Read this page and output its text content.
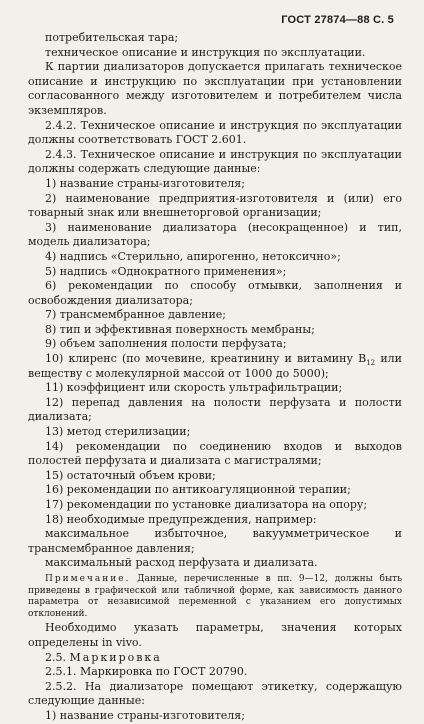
ГОСТ 27874—88 С. 5

потребительская тара;

техническое описание и инструкция по эксплуатации.

К партии диализаторов допускается прилагать техническое описание и инструкцию по эксплуатации при установлении согласованного между изготовителем и потребителем числа экземпляров.

2.4.2. Техническое описание и инструкция по эксплуатации должны соответствовать ГОСТ 2.601.

2.4.3. Техническое описание и инструкция по эксплуатации должны содержать следующие данные:

1) название страны-изготовителя;

2) наименование предприятия-изготовителя и (или) его товарный знак или внешнеторговой организации;

3) наименование диализатора (несокращенное) и тип, модель диализатора;

4) надпись «Стерильно, апирогенно, нетоксично»;

5) надпись «Однократного применения»;

6) рекомендации по способу отмывки, заполнения и освобождения диализатора;

7) трансмембранное давление;

8) тип и эффективная поверхность мембраны;

9) объем заполнения полости перфузата;

10) клиренс (по мочевине, креатинину и витамину $B_{12}$ или веществу с молекулярной массой от 1000 до 5000);

11) коэффициент или скорость ультрафильтрации;

12) перепад давления на полости перфузата и полости диализата;

13) метод стерилизации;

14) рекомендации по соединению входов и выходов полостей перфузата и диализата с магистралями;

15) остаточный объем крови;

16) рекомендации по антикоагуляционной терапии;

17) рекомендации по установке диализатора на опору;

18) необходимые предупреждения, например:

максимальное избыточное, вакуумметрическое и трансмембранное давления;

максимальный расход перфузата и диализата.

Примечание. Данные, перечисленные в пп. 9—12, должны быть приведены в графической или табличной форме, как зависимость данного параметра от независимой переменной с указанием его допустимых отклонений.

Необходимо указать параметры, значения которых определены in vivo.

2.5. Маркировка

2.5.1. Маркировка по ГОСТ 20790.

2.5.2. На диализаторе помещают этикетку, содержащую следующие данные:

1) название страны-изготовителя;
